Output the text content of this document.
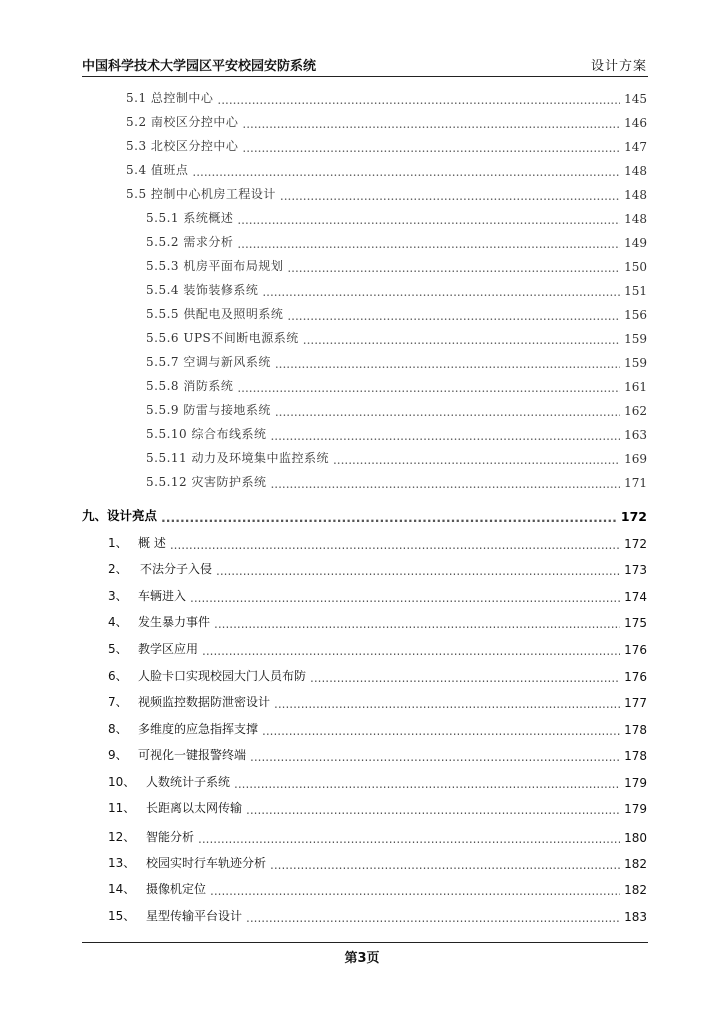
中国科学技术大学园区平安校园安防系统	设计方案
5.1 总控制中心 .....	145
5.2 南校区分控中心 .....	146
5.3 北校区分控中心 .....	147
5.4 值班点 .....	148
5.5 控制中心机房工程设计 .....	148
5.5.1 系统概述 .....	148
5.5.2 需求分析 .....	149
5.5.3 机房平面布局规划 .....	150
5.5.4 装饰装修系统 .....	151
5.5.5 供配电及照明系统 .....	156
5.5.6 UPS不间断电源系统 .....	159
5.5.7 空调与新风系统 .....	159
5.5.8 消防系统 .....	161
5.5.9 防雷与接地系统 .....	162
5.5.10 综合布线系统 .....	163
5.5.11 动力及环境集中监控系统 .....	169
5.5.12 灾害防护系统 .....	171
九、设计亮点 .....	172
1、 概 述 .....	172
2、 不法分子入侵 .....	173
3、 车辆进入 .....	174
4、 发生暴力事件 .....	175
5、 教学区应用 .....	176
6、 人脸卡口实现校园大门人员布防 .....	176
7、 视频监控数据防泄密设计 .....	177
8、 多维度的应急指挥支撑 .....	178
9、 可视化一键报警终端 .....	178
10、 人数统计子系统 .....	179
11、 长距离以太网传输 .....	179
12、 智能分析 .....	180
13、 校园实时行车轨迹分析 .....	182
14、 摄像机定位 .....	182
15、 星型传输平台设计 .....	183
第3页
